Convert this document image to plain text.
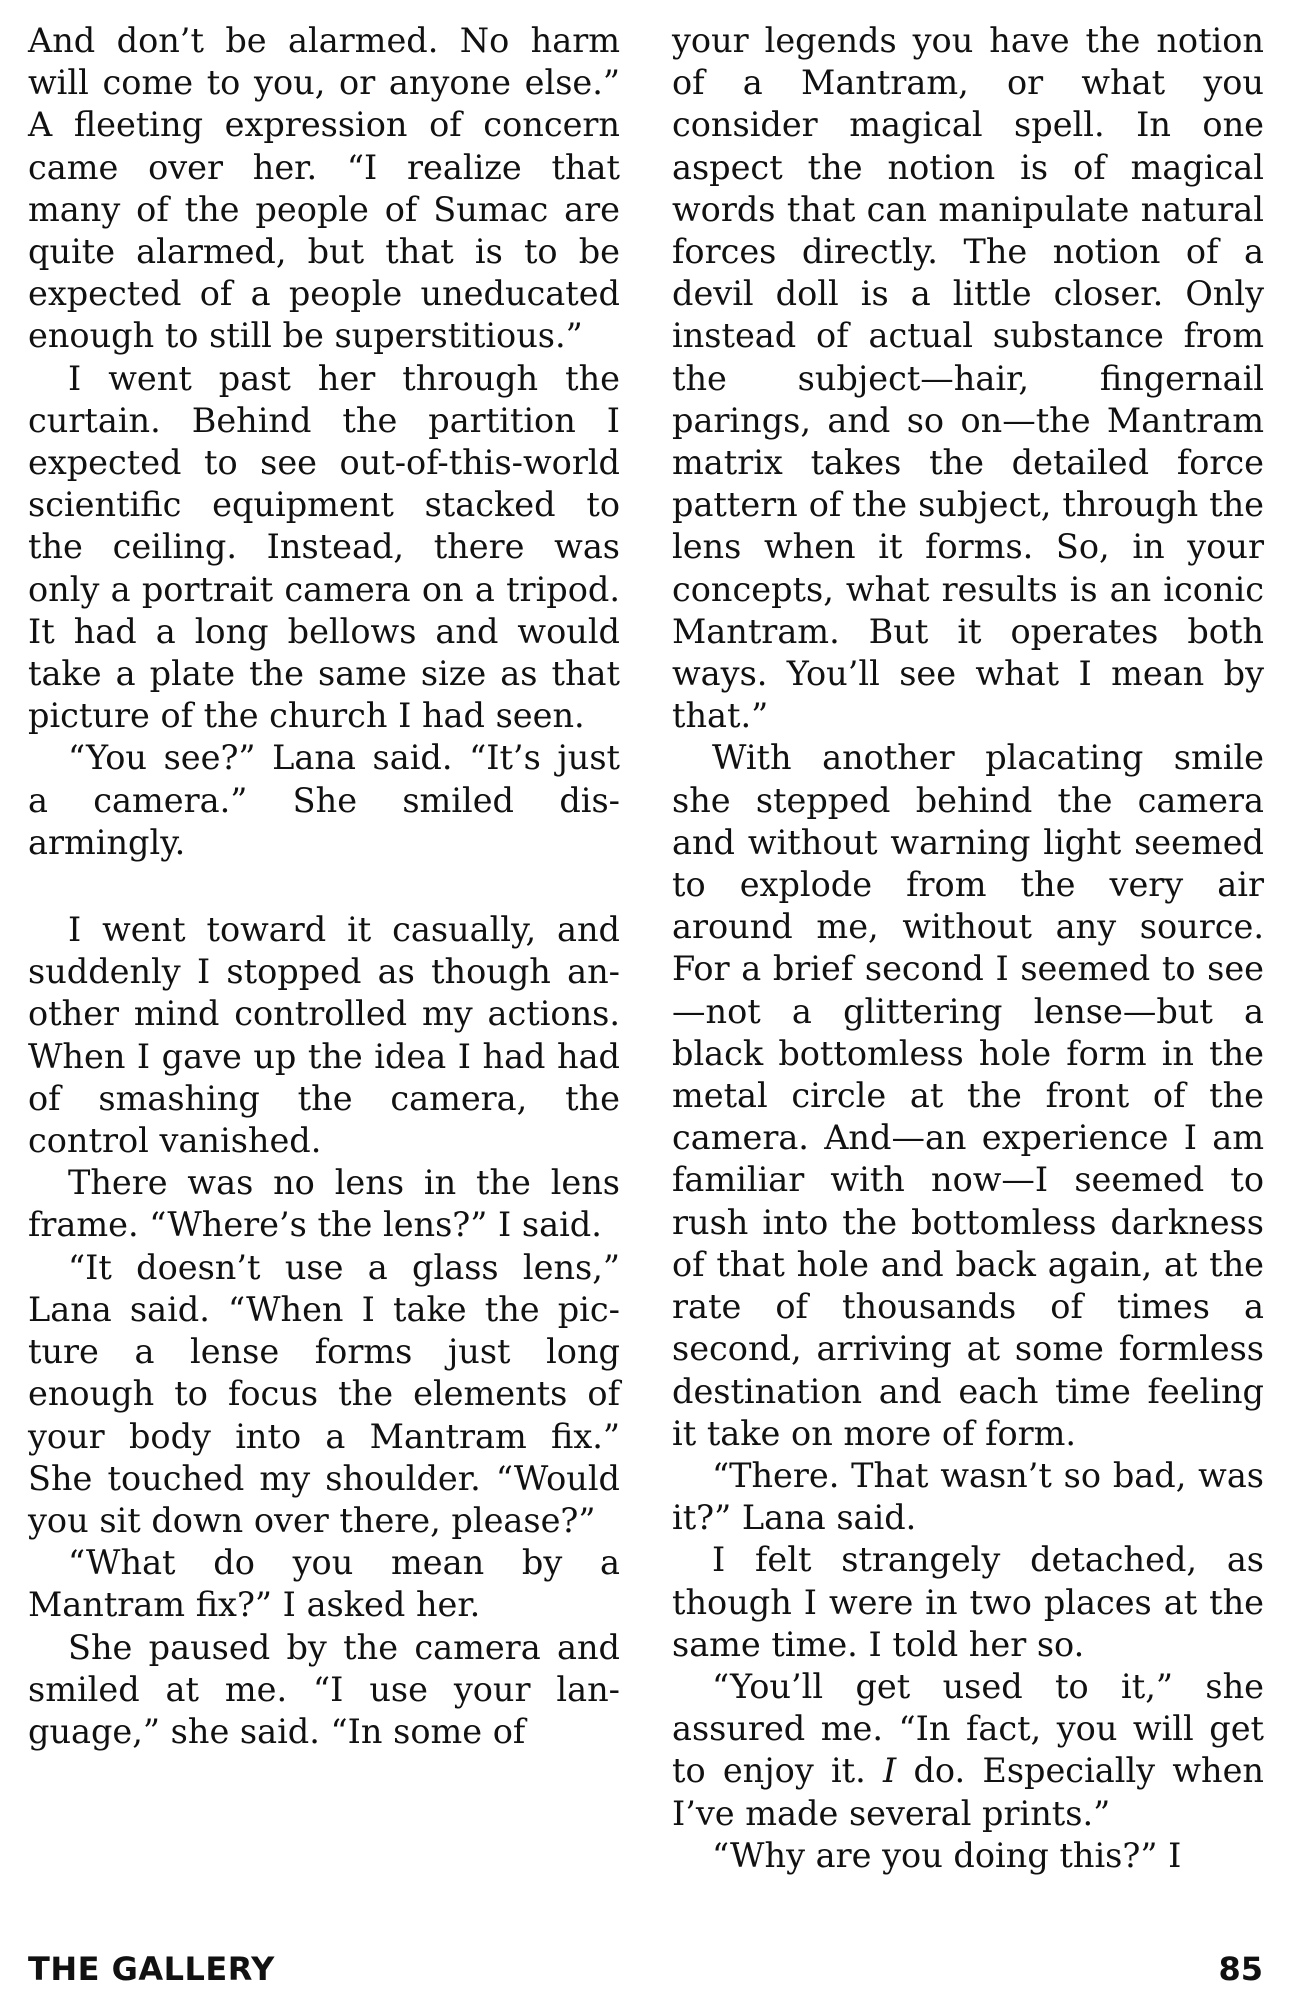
And don’t be alarmed. No harm will come to you, or anyone else.” A fleeting expression of concern came over her. “I realize that many of the people of Sumac are quite alarmed, but that is to be expected of a people uneducated enough to still be superstitious.”

I went past her through the curtain. Behind the partition I expected to see out-of-this-world scientific equipment stacked to the ceiling. Instead, there was only a portrait camera on a tripod. It had a long bellows and would take a plate the same size as that picture of the church I had seen.

“You see?” Lana said. “It’s just a camera.” She smiled disarmingly.

I went toward it casually, and suddenly I stopped as though another mind controlled my actions. When I gave up the idea I had had of smashing the camera, the control vanished.

There was no lens in the lens frame. “Where’s the lens?” I said.

“It doesn’t use a glass lens,” Lana said. “When I take the picture a lense forms just long enough to focus the elements of your body into a Mantram fix.” She touched my shoulder. “Would you sit down over there, please?”

“What do you mean by a Mantram fix?” I asked her.

She paused by the camera and smiled at me. “I use your language,” she said. “In some of

your legends you have the notion of a Mantram, or what you consider magical spell. In one aspect the notion is of magical words that can manipulate natural forces directly. The notion of a devil doll is a little closer. Only instead of actual substance from the subject—hair, fingernail parings, and so on—the Mantram matrix takes the detailed force pattern of the subject, through the lens when it forms. So, in your concepts, what results is an iconic Mantram. But it operates both ways. You’ll see what I mean by that.”

With another placating smile she stepped behind the camera and without warning light seemed to explode from the very air around me, without any source. For a brief second I seemed to see—not a glittering lense—but a black bottomless hole form in the metal circle at the front of the camera. And—an experience I am familiar with now—I seemed to rush into the bottomless darkness of that hole and back again, at the rate of thousands of times a second, arriving at some formless destination and each time feeling it take on more of form.

“There. That wasn’t so bad, was it?” Lana said.

I felt strangely detached, as though I were in two places at the same time. I told her so.

“You’ll get used to it,” she assured me. “In fact, you will get to enjoy it. I do. Especially when I’ve made several prints.”

“Why are you doing this?” I

THE GALLERY	85
